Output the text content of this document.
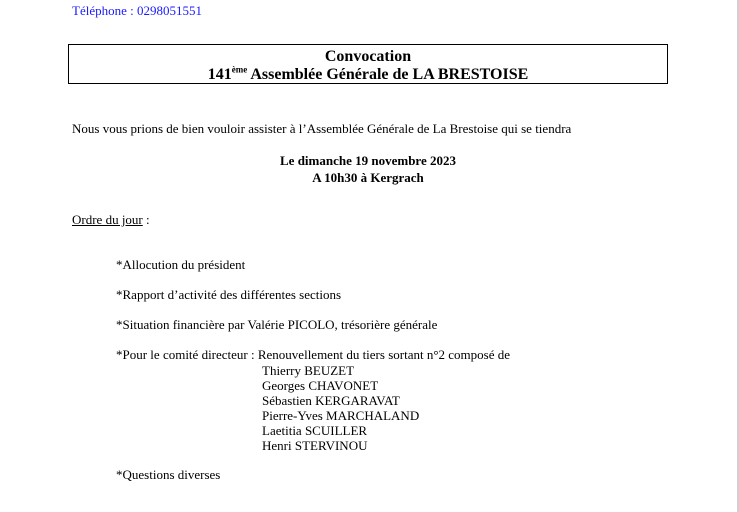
Téléphone : 0298051551
Convocation
141ème Assemblée Générale de LA BRESTOISE
Nous vous prions de bien vouloir assister à l’Assemblée Générale de La Brestoise qui se tiendra
Le dimanche 19 novembre 2023
A 10h30 à Kergrach
Ordre du jour :
*Allocution du président
*Rapport d’activité des différentes sections
*Situation financière par Valérie PICOLO, trésorière générale
*Pour le comité directeur : Renouvellement du tiers sortant n°2 composé de
Thierry BEUZET
Georges CHAVONET
Sébastien KERGARAVAT
Pierre-Yves MARCHALAND
Laetitia SCUILLER
Henri STERVINOU
*Questions diverses
